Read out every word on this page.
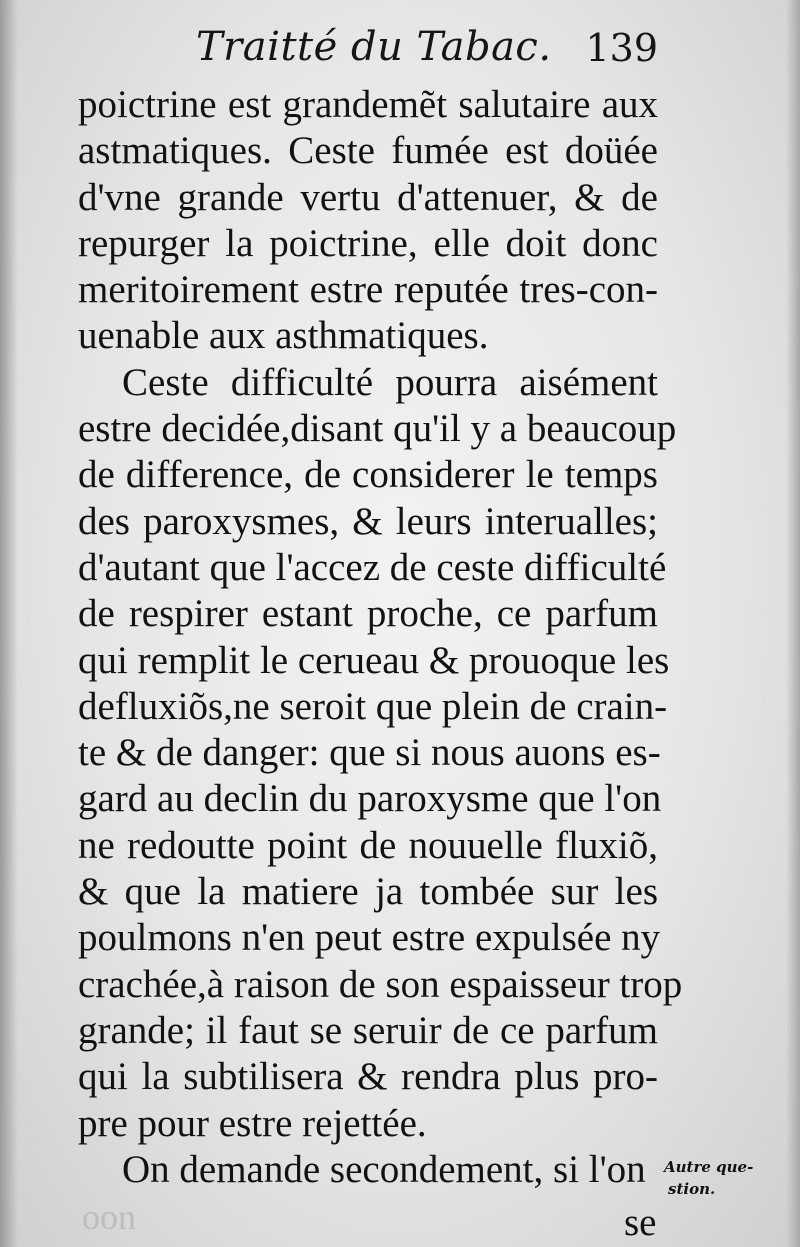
Traitté du Tabac. 139
poictrine est grandemẽt salutaire aux
astmatiques. Ceste fumée est doüée
d'vne grande vertu d'attenuer, & de
repurger la poictrine, elle doit donc
meritoirement estre reputée tres-con-
uenable aux asthmatiques.
Ceste difficulté pourra aisément
estre decidée,disant qu'il y a beaucoup
de difference, de considerer le temps
des paroxysmes, & leurs interualles;
d'autant que l'accez de ceste difficulté
de respirer estant proche, ce parfum
qui remplit le cerueau & prouoque les
defluxiõs,ne seroit que plein de crain-
te & de danger: que si nous auons es-
gard au declin du paroxysme que l'on
ne redoutte point de nouuelle fluxiõ,
& que la matiere ja tombée sur les
poulmons n'en peut estre expulsée ny
crachée,à raison de son espaisseur trop
grande; il faut se seruir de ce parfum
qui la subtilisera & rendra plus pro-
pre pour estre rejettée.
On demande secondement, si l'on	Autre que-
stion.
se
oon
